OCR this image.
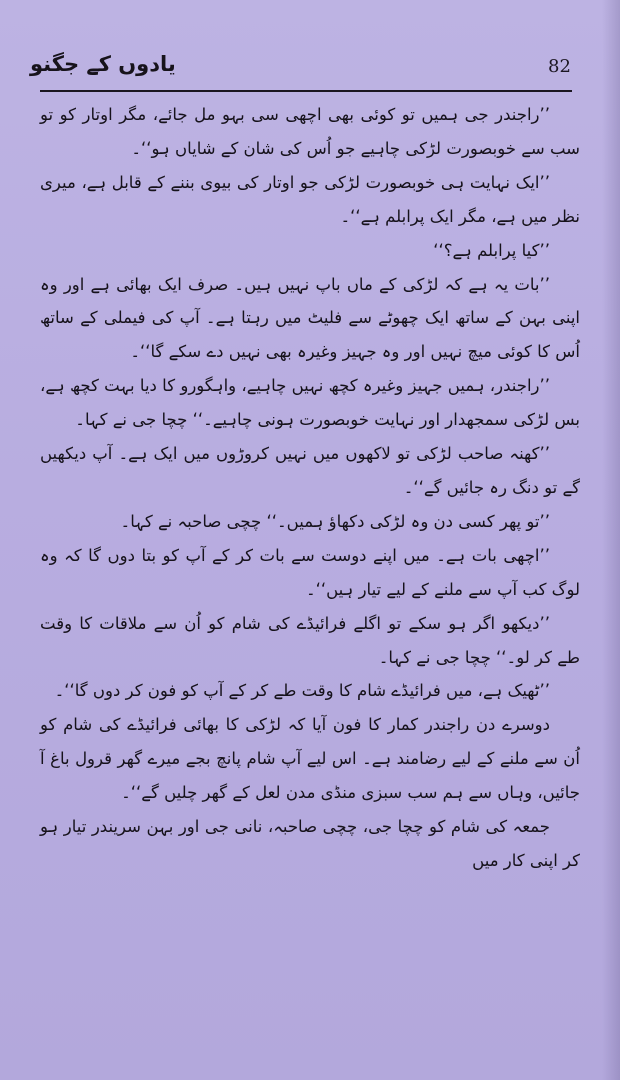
یادوں کے جگنو	82

’’راجندر جی ہمیں تو کوئی بھی اچھی سی بہو مل جائے، مگر اوتار کو تو سب سے خوبصورت لڑکی چاہیے جو اُس کی شان کے شایاں ہو‘‘۔

’’ایک نہایت ہی خوبصورت لڑکی جو اوتار کی بیوی بننے کے قابل ہے، میری نظر میں ہے، مگر ایک پرابلم ہے‘‘۔

’’کیا پرابلم ہے؟‘‘

’’بات یہ ہے کہ لڑکی کے ماں باپ نہیں ہیں۔ صرف ایک بھائی ہے اور وہ اپنی بہن کے ساتھ ایک چھوٹے سے فلیٹ میں رہتا ہے۔ آپ کی فیملی کے ساتھ اُس کا کوئی میچ نہیں اور وہ جہیز وغیرہ بھی نہیں دے سکے گا‘‘۔

’’راجندر، ہمیں جہیز وغیرہ کچھ نہیں چاہیے، واہگورو کا دیا بہت کچھ ہے، بس لڑکی سمجھدار اور نہایت خوبصورت ہونی چاہیے۔‘‘ چچا جی نے کہا۔

’’کھنہ صاحب لڑکی تو لاکھوں میں نہیں کروڑوں میں ایک ہے۔ آپ دیکھیں گے تو دنگ رہ جائیں گے‘‘۔

’’تو پھر کسی دن وہ لڑکی دکھاؤ ہمیں۔‘‘ چچی صاحبہ نے کہا۔

’’اچھی بات ہے۔ میں اپنے دوست سے بات کر کے آپ کو بتا دوں گا کہ وہ لوگ کب آپ سے ملنے کے لیے تیار ہیں‘‘۔

’’دیکھو اگر ہو سکے تو اگلے فرائیڈے کی شام کو اُن سے ملاقات کا وقت طے کر لو۔‘‘ چچا جی نے کہا۔

’’ٹھیک ہے، میں فرائیڈے شام کا وقت طے کر کے آپ کو فون کر دوں گا‘‘۔

دوسرے دن راجندر کمار کا فون آیا کہ لڑکی کا بھائی فرائیڈے کی شام کو اُن سے ملنے کے لیے رضامند ہے۔ اس لیے آپ شام پانچ بجے میرے گھر قرول باغ آ جائیں، وہاں سے ہم سب سبزی منڈی مدن لعل کے گھر چلیں گے‘‘۔

جمعہ کی شام کو چچا جی، چچی صاحبہ، نانی جی اور بہن سریندر تیار ہو کر اپنی کار میں
